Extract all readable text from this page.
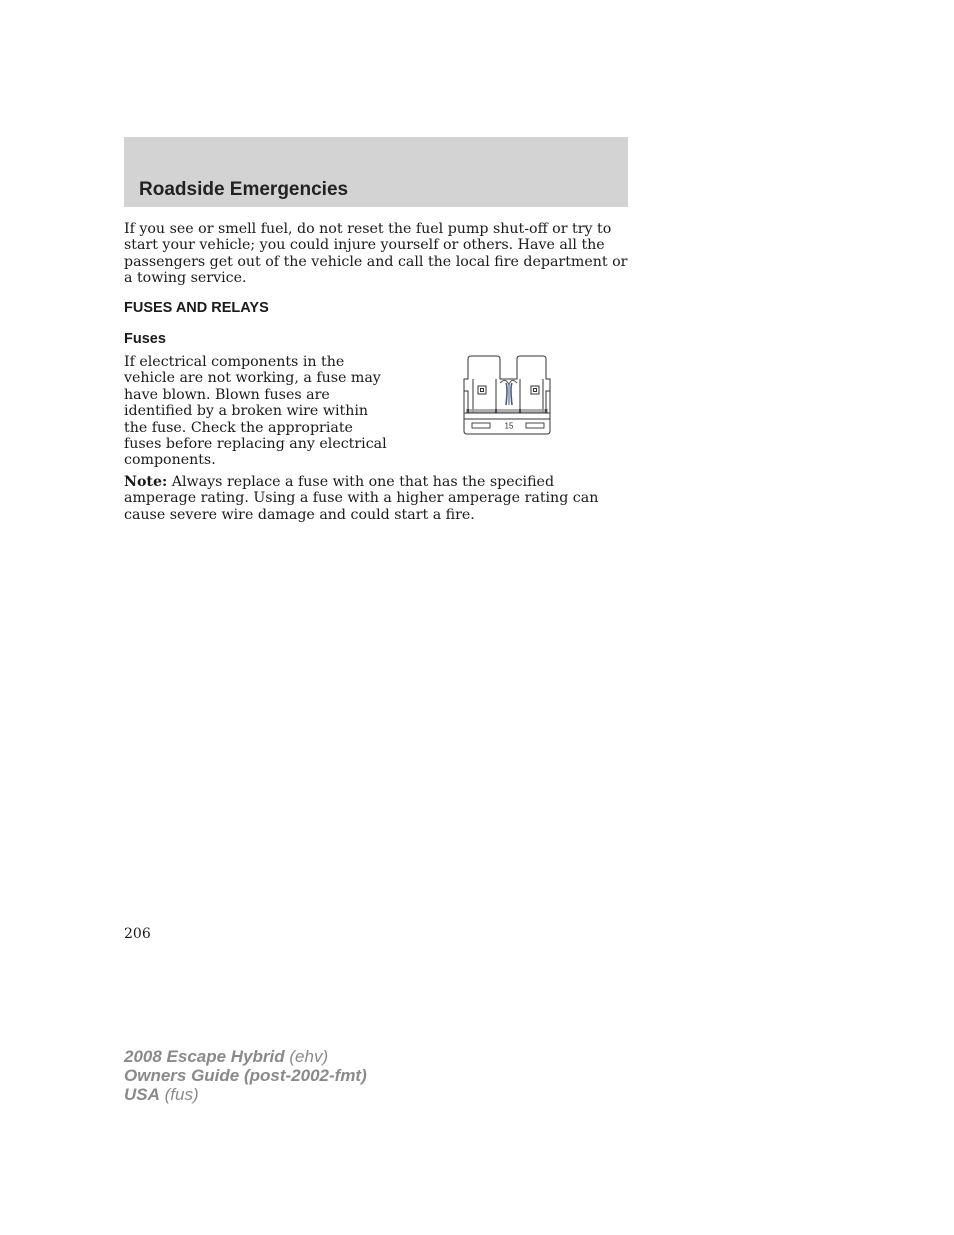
Roadside Emergencies

If you see or smell fuel, do not reset the fuel pump shut-off or try to start your vehicle; you could injure yourself or others. Have all the passengers get out of the vehicle and call the local fire department or a towing service.

FUSES AND RELAYS
Fuses

If electrical components in the vehicle are not working, a fuse may have blown. Blown fuses are identified by a broken wire within the fuse. Check the appropriate fuses before replacing any electrical components.

15

Note: Always replace a fuse with one that has the specified amperage rating. Using a fuse with a higher amperage rating can cause severe wire damage and could start a fire.

206

2008 Escape Hybrid (ehv)
Owners Guide (post-2002-fmt)
USA (fus)
